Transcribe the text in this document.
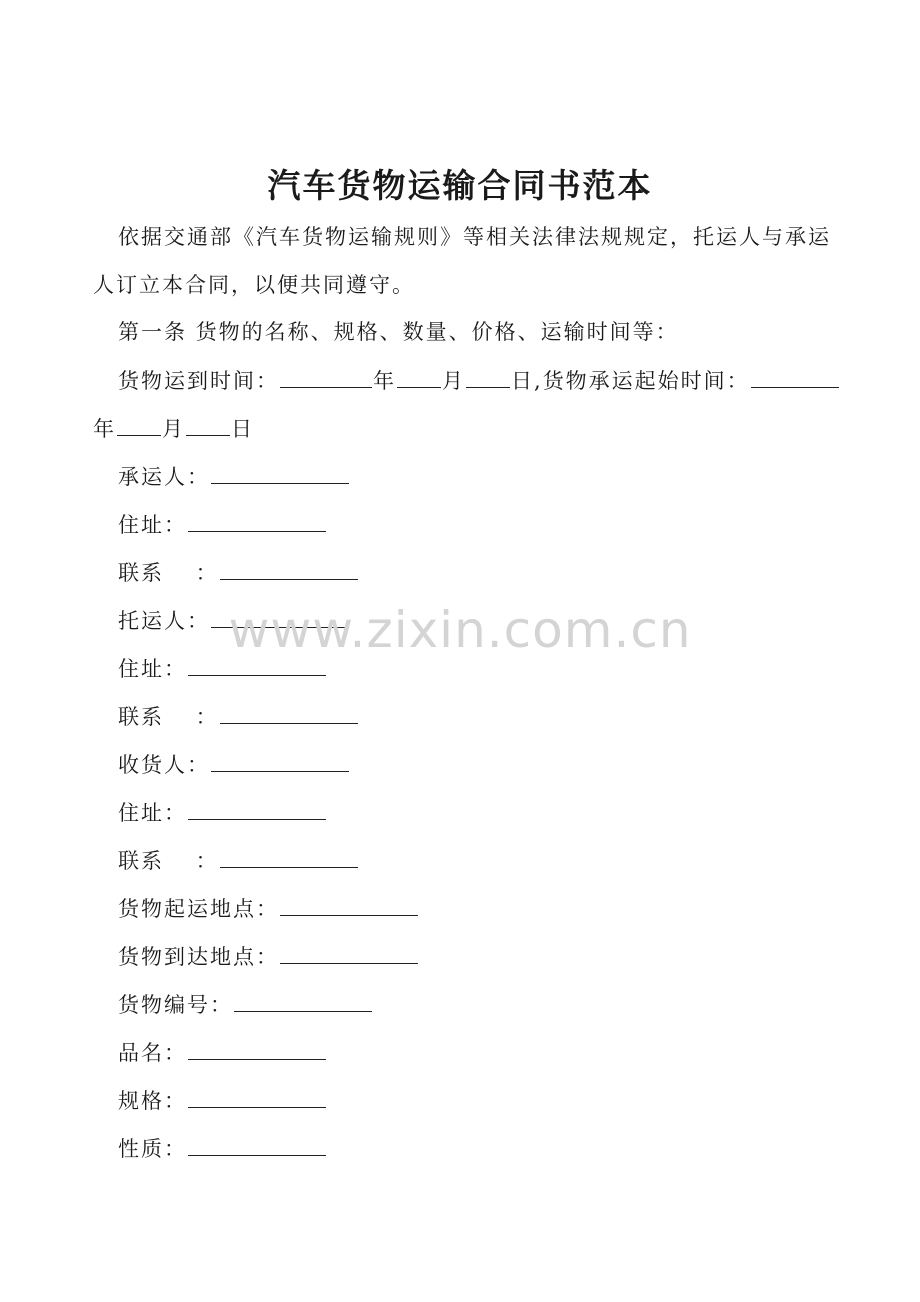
汽车货物运输合同书范本
依据交通部《汽车货物运输规则》等相关法律法规规定，托运人与承运
人订立本合同，以便共同遵守。
第一条 货物的名称、规格、数量、价格、运输时间等：
货物运到时间：	年 月 日,货物承运起始时间：
年 月 日
承运人：
住址：
联系　 ：
托运人：
住址：
联系　 ：
收货人：
住址：
联系　 ：
货物起运地点：
货物到达地点：
货物编号：
品名：
规格：
性质：
www.zixin.com.cn
